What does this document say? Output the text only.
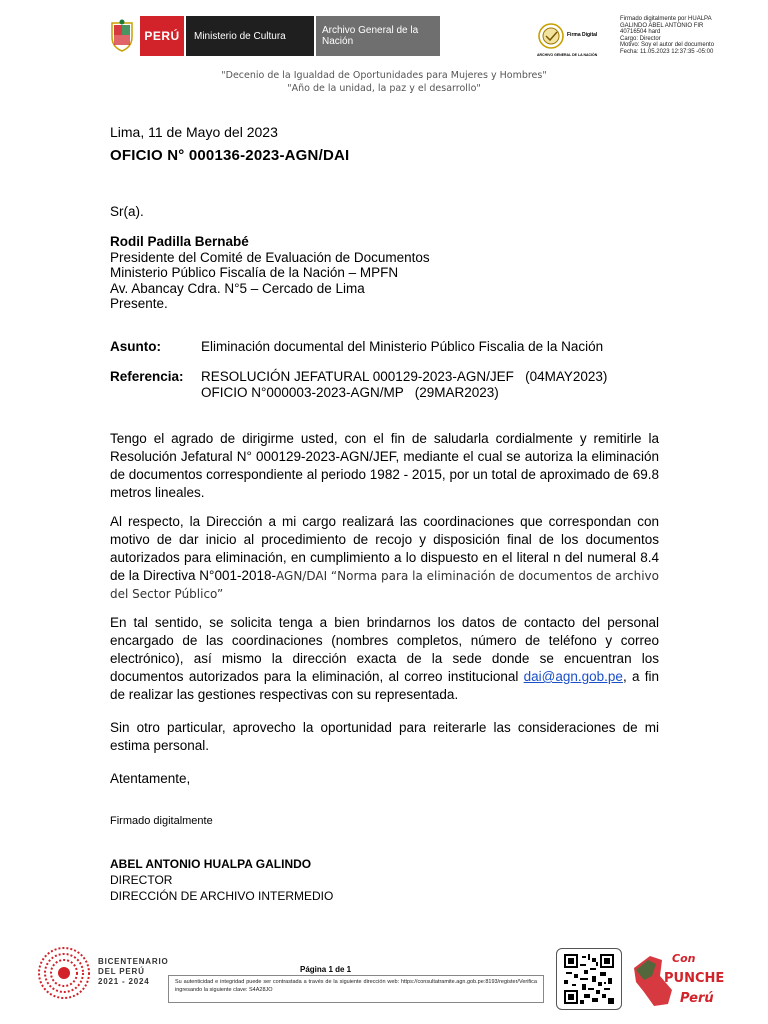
PERÚ	Ministerio de Cultura	Archivo General de la Nación
Firma Digital
ARCHIVO GENERAL DE LA NACIÓN
Firmado digitalmente por HUALPA
GALINDO ABEL ANTONIO FIR
40716504 hard
Cargo: Director
Motivo: Soy el autor del documento
Fecha: 11.05.2023 12:37:35 -05:00
"Decenio de la Igualdad de Oportunidades para Mujeres y Hombres"
"Año de la unidad, la paz y el desarrollo"
Lima, 11 de Mayo del 2023
OFICIO N° 000136-2023-AGN/DAI
Sr(a).
Rodil Padilla Bernabé
Presidente del Comité de Evaluación de Documentos
Ministerio Público Fiscalía de la Nación – MPFN
Av. Abancay Cdra. N°5 – Cercado de Lima
Presente.
Asunto:	Eliminación documental del Ministerio Público Fiscalia de la Nación
Referencia: RESOLUCIÓN JEFATURAL 000129-2023-AGN/JEF   (04MAY2023)
OFICIO N°000003-2023-AGN/MP   (29MAR2023)
Tengo el agrado de dirigirme usted, con el fin de saludarla cordialmente y remitirle la Resolución Jefatural N° 000129-2023-AGN/JEF, mediante el cual se autoriza la eliminación de documentos correspondiente al periodo 1982 - 2015, por un total de aproximado de 69.8 metros lineales.
Al respecto, la Dirección a mi cargo realizará las coordinaciones que correspondan con motivo de dar inicio al procedimiento de recojo y disposición final de los documentos autorizados para eliminación, en cumplimiento a lo dispuesto en el literal n del numeral 8.4 de la Directiva N°001-2018-AGN/DAI “Norma para la eliminación de documentos de archivo del Sector Público”
En tal sentido, se solicita tenga a bien brindarnos los datos de contacto del personal encargado de las coordinaciones (nombres completos, número de teléfono y correo electrónico), así mismo la dirección exacta de la sede donde se encuentran los documentos autorizados para la eliminación, al correo institucional dai@agn.gob.pe, a fin de realizar las gestiones respectivas con su representada.
Sin otro particular, aprovecho la oportunidad para reiterarle las consideraciones de mi estima personal.
Atentamente,
Firmado digitalmente
ABEL ANTONIO HUALPA GALINDO
DIRECTOR
DIRECCIÓN DE ARCHIVO INTERMEDIO
BICENTENARIO
DEL PERÚ
2021 - 2024
Página 1 de 1
Su autenticidad e integridad puede ser contrastada a través de la siguiente dirección web: https://consultatramite.agn.gob.pe:8193/register/Verifica ingresando la siguiente clave: S4A28JO
Con
PUNCHE
Perú
